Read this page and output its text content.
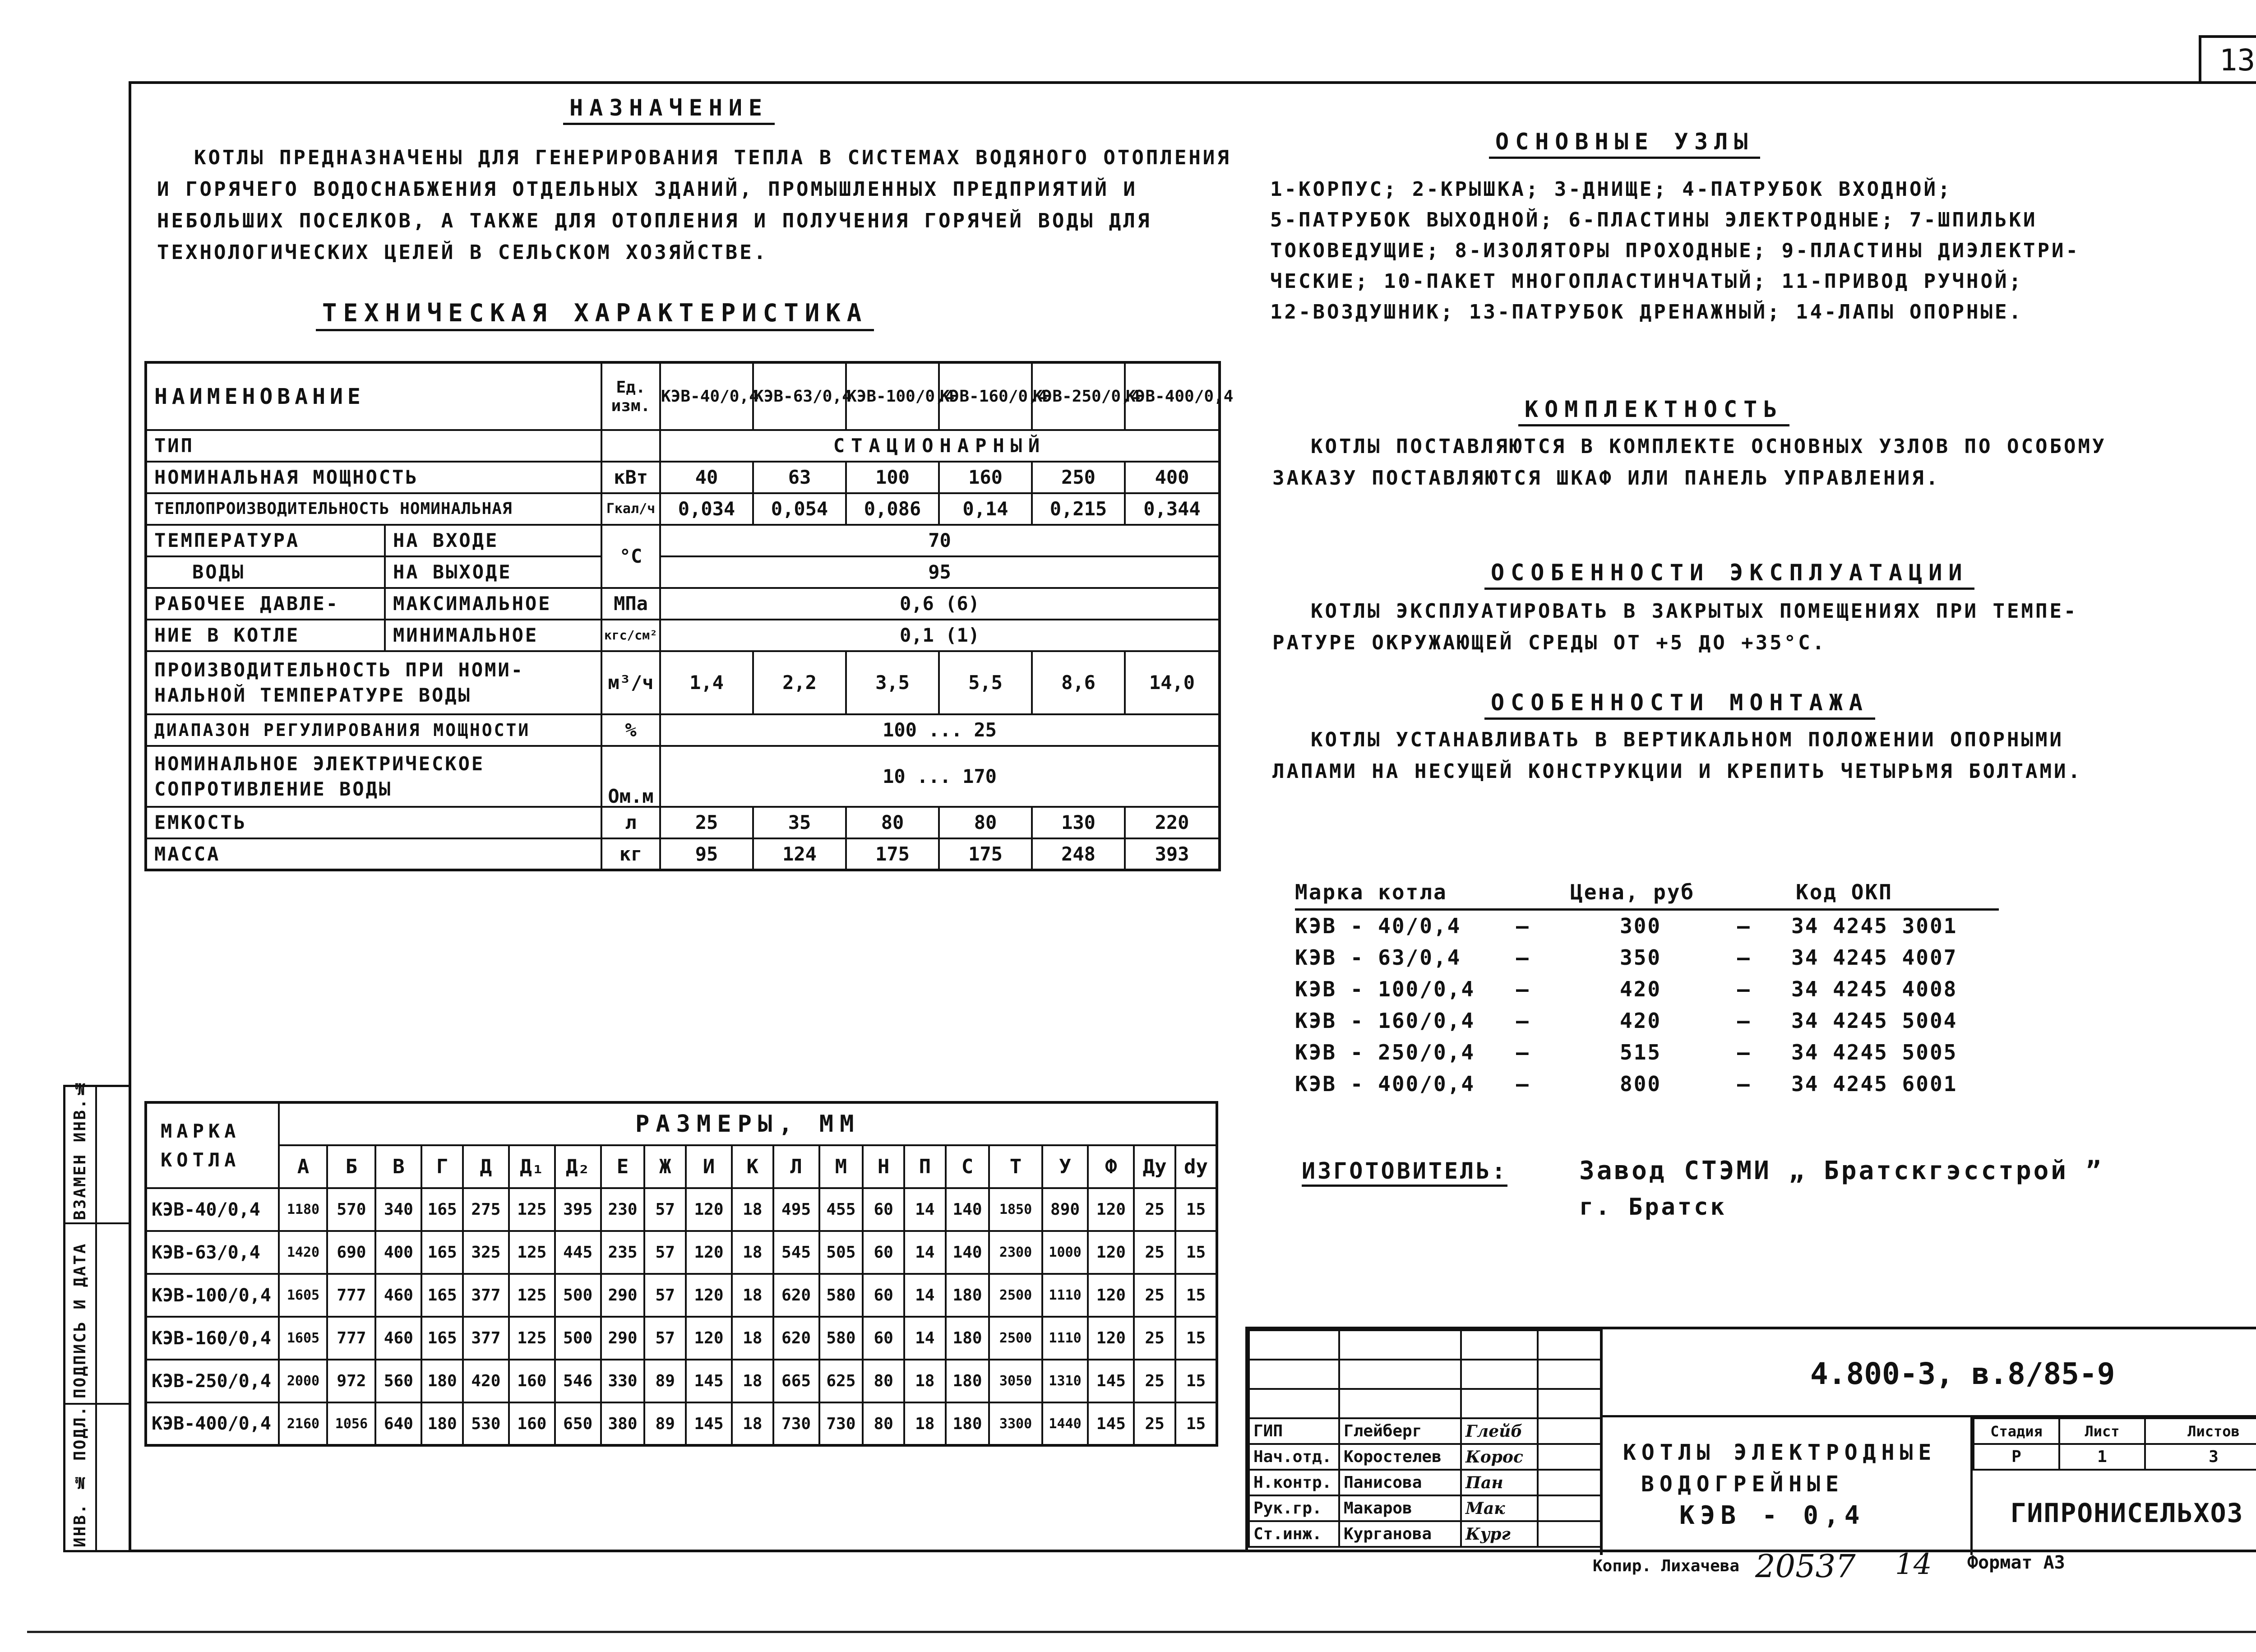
13
ИНВ. № ПОДЛ.
ПОДПИСЬ И ДАТА
ВЗАМЕН ИНВ.№
НАЗНАЧЕНИЕ
КОТЛЫ ПРЕДНАЗНАЧЕНЫ ДЛЯ ГЕНЕРИРОВАНИЯ ТЕПЛА В СИСТЕМАХ ВОДЯНОГО ОТОПЛЕНИЯ
И ГОРЯЧЕГО ВОДОСНАБЖЕНИЯ ОТДЕЛЬНЫХ ЗДАНИЙ, ПРОМЫШЛЕННЫХ ПРЕДПРИЯТИЙ И
НЕБОЛЬШИХ ПОСЕЛКОВ, А ТАКЖЕ ДЛЯ ОТОПЛЕНИЯ И ПОЛУЧЕНИЯ ГОРЯЧЕЙ ВОДЫ ДЛЯ
ТЕХНОЛОГИЧЕСКИХ ЦЕЛЕЙ В СЕЛЬСКОМ ХОЗЯЙСТВЕ.
ТЕХНИЧЕСКАЯ ХАРАКТЕРИСТИКА
НАИМЕНОВАНИЕ		Ед. изм.	КЭВ-40/0,4	КЭВ-63/0,4	КЭВ-100/0,4	КЭВ-160/0,4	КЭВ-250/0,4	КЭВ-400/0,4
ТИП			СТАЦИОНАРНЫЙ					
НОМИНАЛЬНАЯ МОЩНОСТЬ		кВт	40	63	100	160	250	400
ТЕПЛОПРОИЗВОДИТЕЛЬНОСТЬ НОМИНАЛЬНАЯ		Гкал/ч	0,034	0,054	0,086	0,14	0,215	0,344
ТЕМПЕРАТУРА	НА ВХОДЕ	°C	70					
ВОДЫ	НА ВЫХОДЕ		95					
РАБОЧЕЕ ДАВЛЕ-	МАКСИМАЛЬНОЕ	МПа	0,6 (6)					
НИЕ В КОТЛЕ	МИНИМАЛЬНОЕ	кгс/см²	0,1 (1)					
ПРОИЗВОДИТЕЛЬНОСТЬ ПРИ НОМИ-
НАЛЬНОЙ ТЕМПЕРАТУРЕ ВОДЫ		м³/ч	1,4	2,2	3,5	5,5	8,6	14,0
ДИАПАЗОН РЕГУЛИРОВАНИЯ МОЩНОСТИ		%	100 ... 25					
НОМИНАЛЬНОЕ ЭЛЕКТРИЧЕСКОЕ
СОПРОТИВЛЕНИЕ ВОДЫ		Ом.м	10 ... 170					
ЕМКОСТЬ		л	25	35	80	80	130	220
МАССА		кг	95	124	175	175	248	393
МАРКА
КОТЛА	РАЗМЕРЫ, ММ																				
	А	Б	В	Г	Д	Д₁	Д₂	Е	Ж	И	К	Л	М	Н	П	С	Т	У	Ф	Ду	dу
КЭВ-40/0,4	1180	570	340	165	275	125	395	230	57	120	18	495	455	60	14	140	1850	890	120	25	15
КЭВ-63/0,4	1420	690	400	165	325	125	445	235	57	120	18	545	505	60	14	140	2300	1000	120	25	15
КЭВ-100/0,4	1605	777	460	165	377	125	500	290	57	120	18	620	580	60	14	180	2500	1110	120	25	15
КЭВ-160/0,4	1605	777	460	165	377	125	500	290	57	120	18	620	580	60	14	180	2500	1110	120	25	15
КЭВ-250/0,4	2000	972	560	180	420	160	546	330	89	145	18	665	625	80	18	180	3050	1310	145	25	15
КЭВ-400/0,4	2160	1056	640	180	530	160	650	380	89	145	18	730	730	80	18	180	3300	1440	145	25	15
ОСНОВНЫЕ УЗЛЫ
1-КОРПУС; 2-КРЫШКА; 3-ДНИЩЕ; 4-ПАТРУБОК ВХОДНОЙ;
5-ПАТРУБОК ВЫХОДНОЙ; 6-ПЛАСТИНЫ ЭЛЕКТРОДНЫЕ; 7-ШПИЛЬКИ
ТОКОВЕДУЩИЕ; 8-ИЗОЛЯТОРЫ ПРОХОДНЫЕ; 9-ПЛАСТИНЫ ДИЭЛЕКТРИ-
ЧЕСКИЕ; 10-ПАКЕТ МНОГОПЛАСТИНЧАТЫЙ; 11-ПРИВОД РУЧНОЙ;
12-ВОЗДУШНИК; 13-ПАТРУБОК ДРЕНАЖНЫЙ; 14-ЛАПЫ ОПОРНЫЕ.
КОМПЛЕКТНОСТЬ
КОТЛЫ ПОСТАВЛЯЮТСЯ В КОМПЛЕКТЕ ОСНОВНЫХ УЗЛОВ ПО ОСОБОМУ
ЗАКАЗУ ПОСТАВЛЯЮТСЯ ШКАФ ИЛИ ПАНЕЛЬ УПРАВЛЕНИЯ.
ОСОБЕННОСТИ ЭКСПЛУАТАЦИИ
КОТЛЫ ЭКСПЛУАТИРОВАТЬ В ЗАКРЫТЫХ ПОМЕЩЕНИЯХ ПРИ ТЕМПЕ-
РАТУРЕ ОКРУЖАЮЩЕЙ СРЕДЫ ОТ +5 ДО +35°С.
ОСОБЕННОСТИ МОНТАЖА
КОТЛЫ УСТАНАВЛИВАТЬ В ВЕРТИКАЛЬНОМ ПОЛОЖЕНИИ ОПОРНЫМИ
ЛАПАМИ НА НЕСУЩЕЙ КОНСТРУКЦИИ И КРЕПИТЬ ЧЕТЫРЬМЯ БОЛТАМИ.
Марка котла	Цена, руб	Код ОКП
КЭВ - 40/0,4	—	300	— 34 4245 3001
КЭВ - 63/0,4	—	350	— 34 4245 4007
КЭВ - 100/0,4 —	420	— 34 4245 4008
КЭВ - 160/0,4 —	420	— 34 4245 5004
КЭВ - 250/0,4 —	515	— 34 4245 5005
КЭВ - 400/0,4 —	800	— 34 4245 6001
ИЗГОТОВИТЕЛЬ:	Завод СТЭМИ „ Братскгэсстрой ”
г. Братск

ГИП	Глейберг	Глейб	
Нач.отд.	Коростелев	Корос	
Н.контр.	Панисова	Пан	
Рук.гр.	Макаров	Мак	
Ст.инж.	Курганова	Кург	
4.800-3, в.8/85-9
КОТЛЫ ЭЛЕКТРОДНЫЕ
ВОДОГРЕЙНЫЕ
КЭВ - 0,4
Стадия	Лист	Листов
Р	1	3
ГИПРОНИСЕЛЬХОЗ
Копир. Лихачева 20537 14 Формат А3
